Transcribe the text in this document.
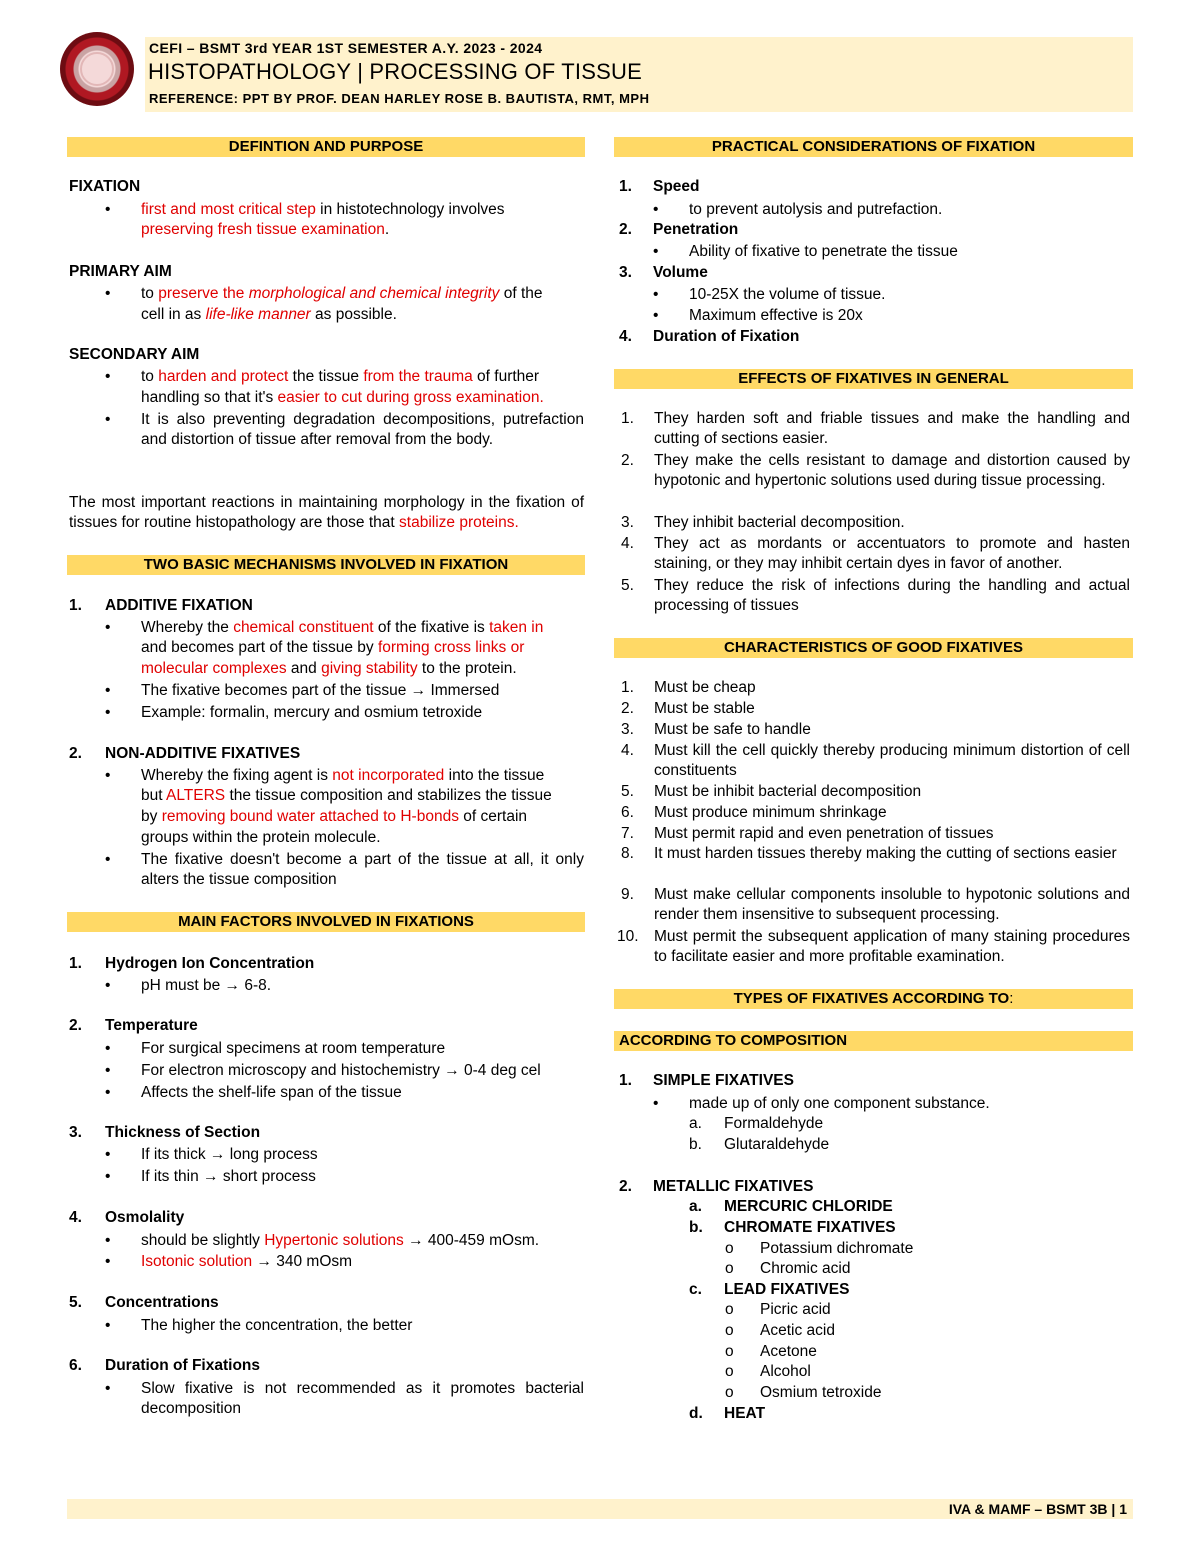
CEFI – BSMT 3rd YEAR 1ST SEMESTER A.Y. 2023 - 2024
HISTOPATHOLOGY | PROCESSING OF TISSUE
REFERENCE: PPT BY PROF. DEAN HARLEY ROSE B. BAUTISTA, RMT, MPH
DEFINTION AND PURPOSE
FIXATION
• first and most critical step in histotechnology involves
preserving fresh tissue examination.
PRIMARY AIM
• to preserve the morphological and chemical integrity of the
cell in as life-like manner as possible.
SECONDARY AIM
• to harden and protect the tissue from the trauma of further
handling so that it's easier to cut during gross examination.
• It is also preventing degradation decompositions, putrefaction and distortion of tissue after removal from the body.
The most important reactions in maintaining morphology in the fixation of tissues for routine histopathology are those that stabilize proteins.
TWO BASIC MECHANISMS INVOLVED IN FIXATION
1. ADDITIVE FIXATION
• Whereby the chemical constituent of the fixative is taken in
and becomes part of the tissue by forming cross links or
molecular complexes and giving stability to the protein.
• The fixative becomes part of the tissue → Immersed
• Example: formalin, mercury and osmium tetroxide
2. NON-ADDITIVE FIXATIVES
• Whereby the fixing agent is not incorporated into the tissue
but ALTERS the tissue composition and stabilizes the tissue
by removing bound water attached to H-bonds of certain
groups within the protein molecule.
• The fixative doesn't become a part of the tissue at all, it only alters the tissue composition
MAIN FACTORS INVOLVED IN FIXATIONS
1. Hydrogen Ion Concentration
• pH must be → 6-8.
2. Temperature
• For surgical specimens at room temperature
• For electron microscopy and histochemistry → 0-4 deg cel
• Affects the shelf-life span of the tissue
3. Thickness of Section
• If its thick → long process
• If its thin → short process
4. Osmolality
• should be slightly Hypertonic solutions → 400-459 mOsm.
• Isotonic solution → 340 mOsm
5. Concentrations
• The higher the concentration, the better
6. Duration of Fixations
• Slow fixative is not recommended as it promotes bacterial decomposition
PRACTICAL CONSIDERATIONS OF FIXATION
1. Speed
• to prevent autolysis and putrefaction.
2. Penetration
• Ability of fixative to penetrate the tissue
3. Volume
• 10-25X the volume of tissue.
• Maximum effective is 20x
4. Duration of Fixation
EFFECTS OF FIXATIVES IN GENERAL
CHARACTERISTICS OF GOOD FIXATIVES
TYPES OF FIXATIVES ACCORDING TO:
ACCORDING TO COMPOSITION
1. SIMPLE FIXATIVES
• made up of only one component substance.
a. Formaldehyde
b. Glutaraldehyde
2. METALLIC FIXATIVES
a. MERCURIC CHLORIDE
b. CHROMATE FIXATIVES
o Potassium dichromate
o Chromic acid
c. LEAD FIXATIVES
o Picric acid
o Acetic acid
o Acetone
o Alcohol
o Osmium tetroxide
d. HEAT
IVA & MAMF – BSMT 3B | 1
1. They harden soft and friable tissues and make the handling and cutting of sections easier.
2. They make the cells resistant to damage and distortion caused by hypotonic and hypertonic solutions used during tissue processing.
3. They inhibit bacterial decomposition.
4. They act as mordants or accentuators to promote and hasten staining, or they may inhibit certain dyes in favor of another.
5. They reduce the risk of infections during the handling and actual processing of tissues
1. Must be cheap
2. Must be stable
3. Must be safe to handle
4. Must kill the cell quickly thereby producing minimum distortion of cell constituents
5. Must be inhibit bacterial decomposition
6. Must produce minimum shrinkage
7. Must permit rapid and even penetration of tissues
8. It must harden tissues thereby making the cutting of sections easier
9. Must make cellular components insoluble to hypotonic solutions and render them insensitive to subsequent processing.
10. Must permit the subsequent application of many staining procedures to facilitate easier and more profitable examination.
